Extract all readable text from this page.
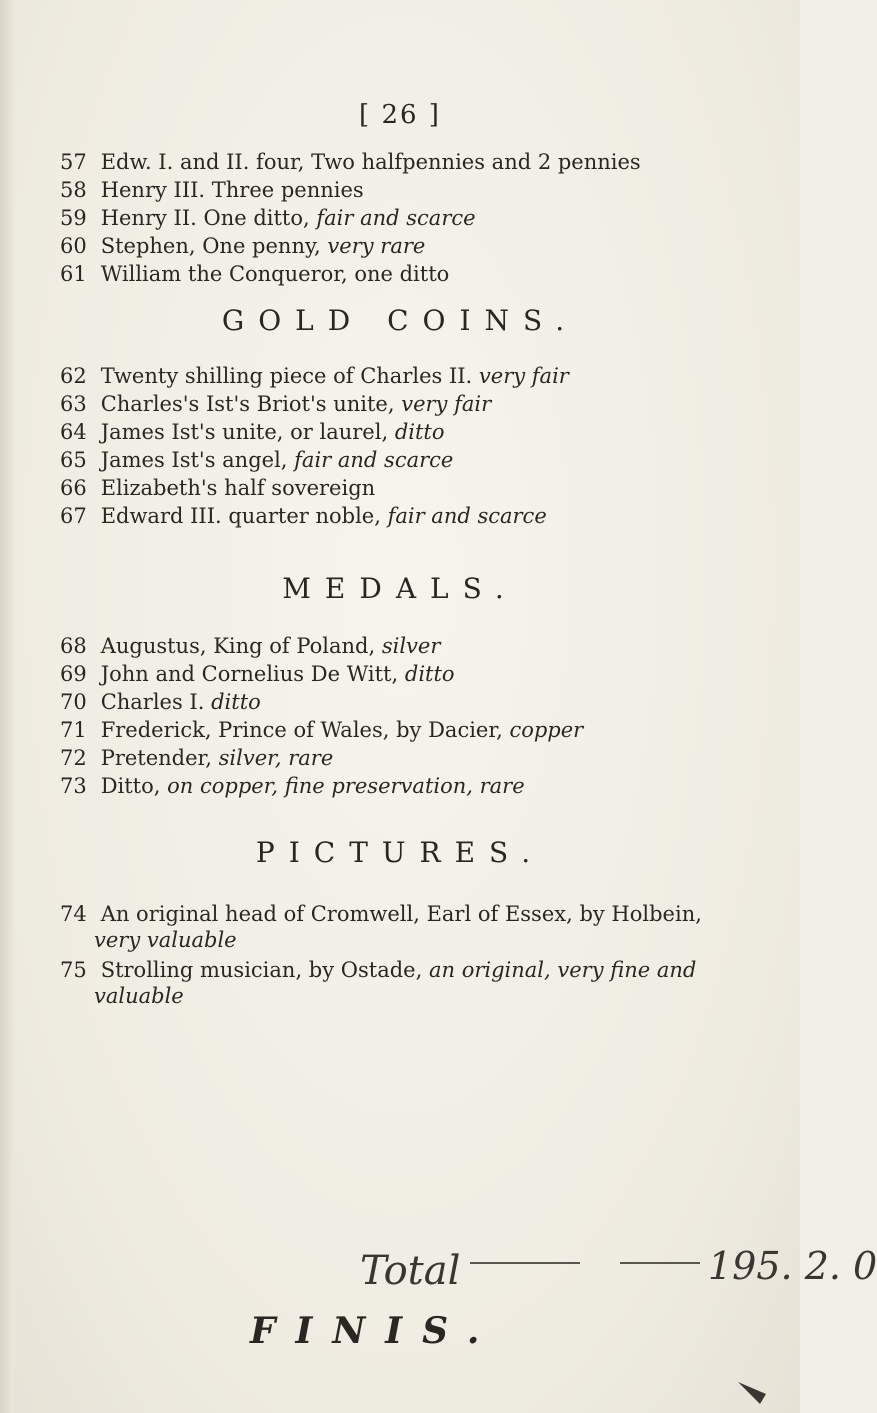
[ 26 ]
57 Edw. I. and II. four, Two halfpennies and 2 pennies
58 Henry III. Three pennies
59 Henry II. One ditto, fair and scarce
60 Stephen, One penny, very rare
61 William the Conqueror, one ditto
GOLD COINS.
62 Twenty shilling piece of Charles II. very fair
63 Charles's Ist's Briot's unite, very fair
64 James Ist's unite, or laurel, ditto
65 James Ist's angel, fair and scarce
66 Elizabeth's half sovereign
67 Edward III. quarter noble, fair and scarce
MEDALS.
68 Augustus, King of Poland, silver
69 John and Cornelius De Witt, ditto
70 Charles I. ditto
71 Frederick, Prince of Wales, by Dacier, copper
72 Pretender, silver, rare
73 Ditto, on copper, fine preservation, rare
PICTURES.
74 An original head of Cromwell, Earl of Essex, by Holbein,
very valuable
75 Strolling musician, by Ostade, an original, very fine and
valuable
Total	195. 2. 0
FINIS.
